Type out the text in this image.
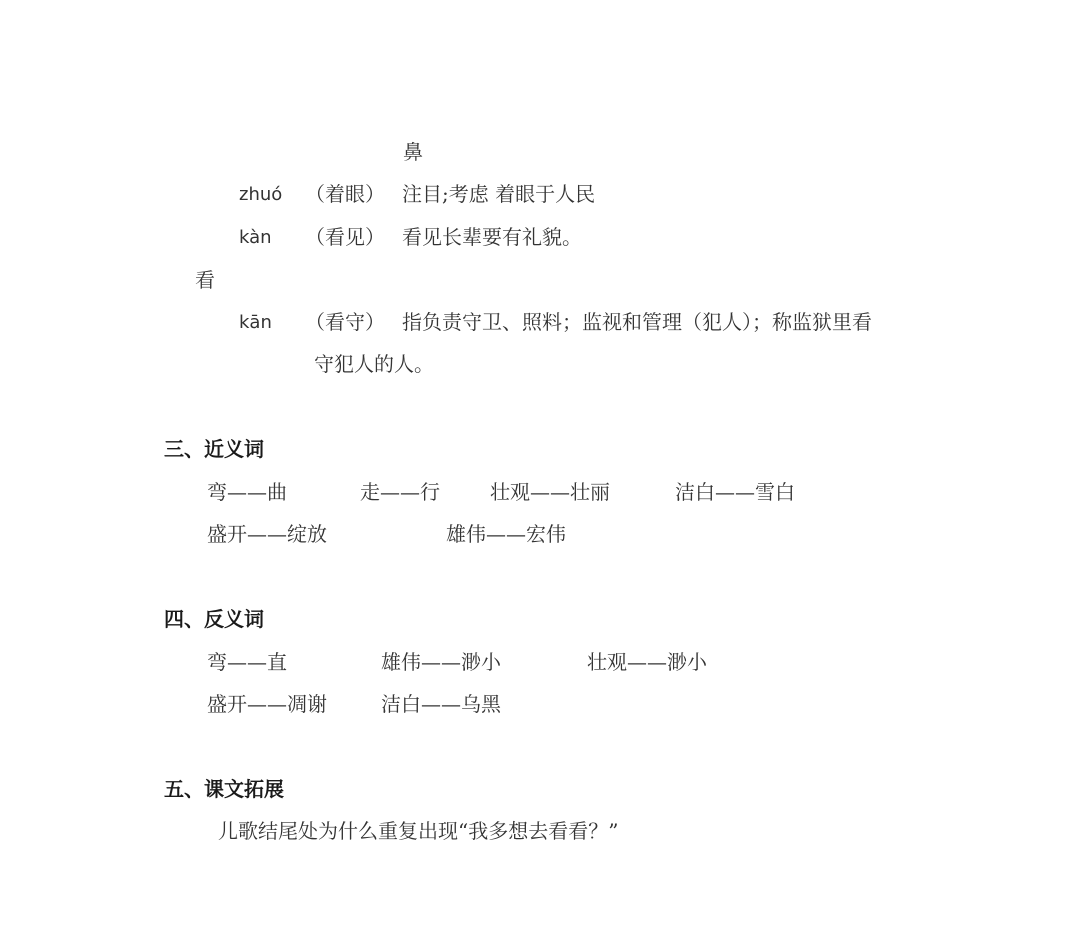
鼻
zhuó （着眼） 注目;考虑 着眼于人民
kàn （看见） 看见长辈要有礼貌。
看
kān （看守） 指负责守卫、照料；监视和管理（犯人）；称监狱里看
守犯人的人。
三、近义词
弯——曲	走——行	壮观——壮丽	洁白——雪白
盛开——绽放	雄伟——宏伟
四、反义词
弯——直	雄伟——渺小	壮观——渺小
盛开——凋谢	洁白——乌黑
五、课文拓展
儿歌结尾处为什么重复出现“我多想去看看？”
